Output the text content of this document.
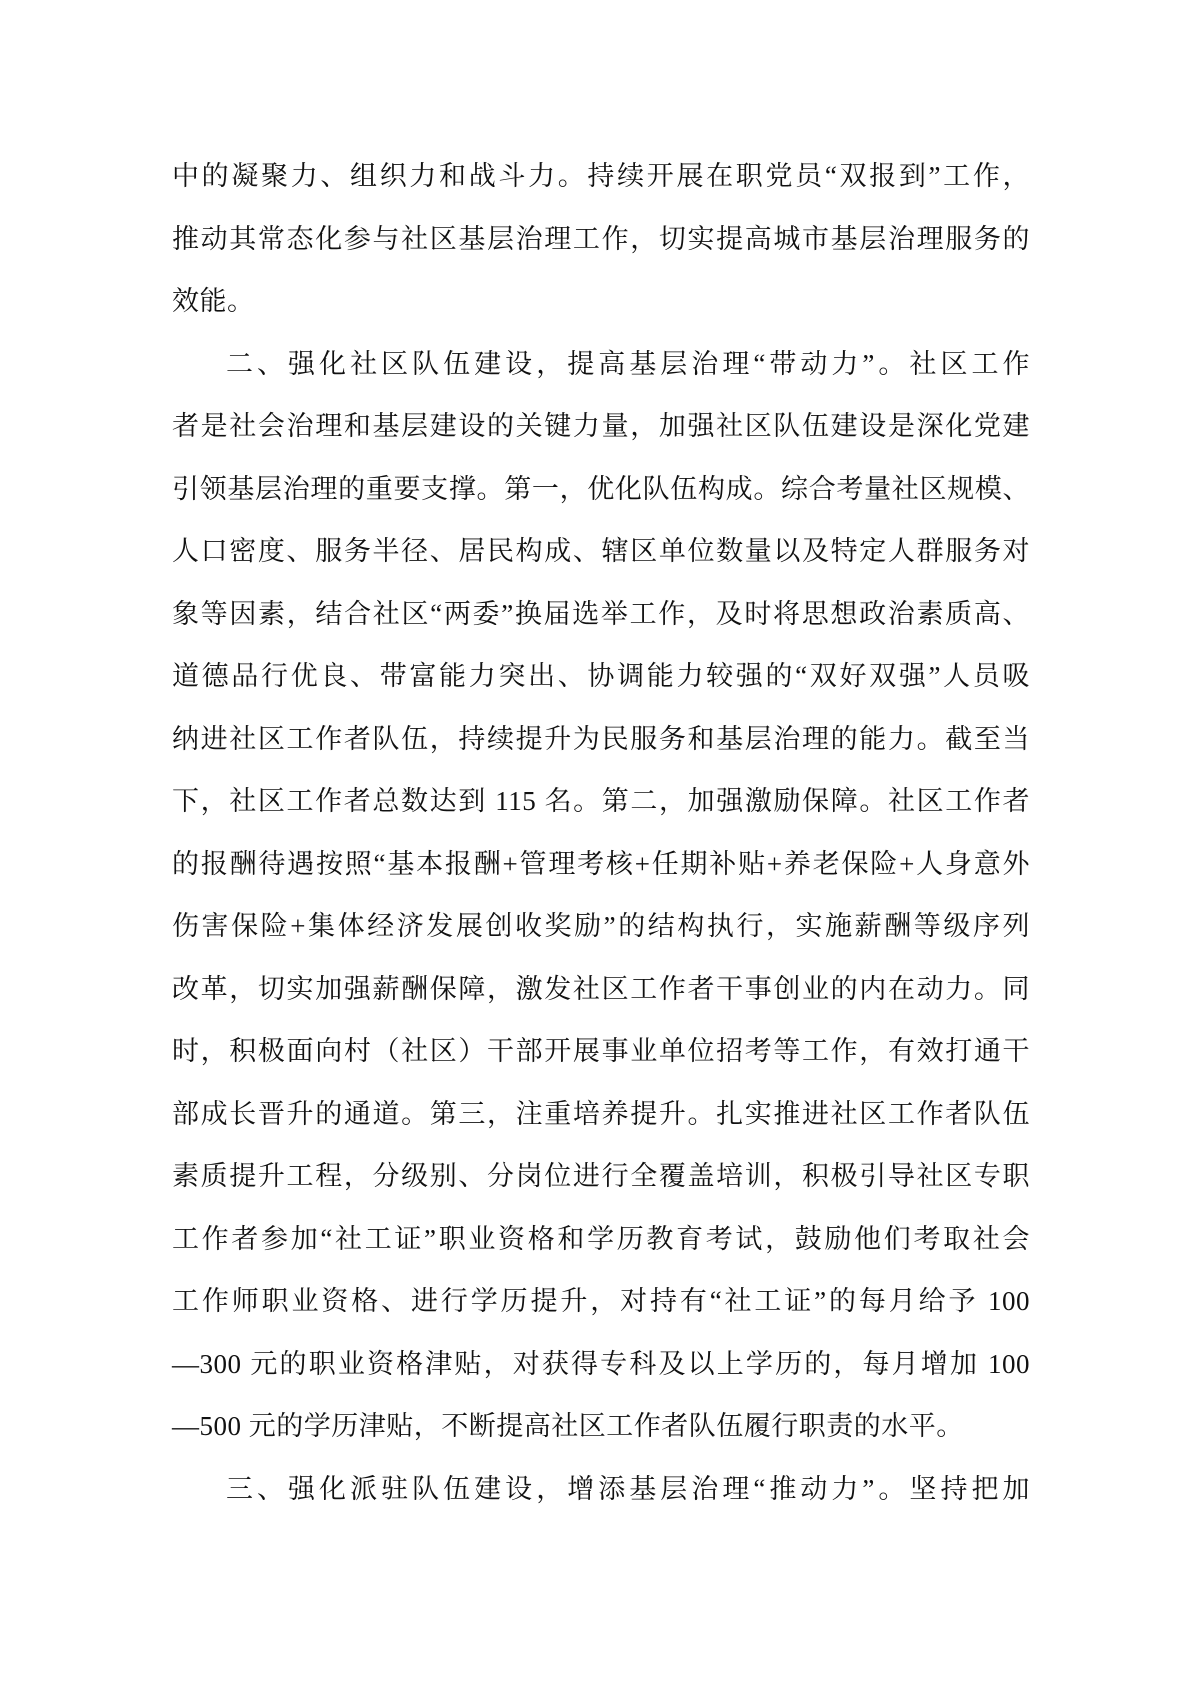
中的凝聚力、组织力和战斗力。持续开展在职党员“双报到”工作，
推动其常态化参与社区基层治理工作，切实提高城市基层治理服务的
效能。
二、强化社区队伍建设，提高基层治理“带动力”。社区工作
者是社会治理和基层建设的关键力量，加强社区队伍建设是深化党建
引领基层治理的重要支撑。第一，优化队伍构成。综合考量社区规模、
人口密度、服务半径、居民构成、辖区单位数量以及特定人群服务对
象等因素，结合社区“两委”换届选举工作，及时将思想政治素质高、
道德品行优良、带富能力突出、协调能力较强的“双好双强”人员吸
纳进社区工作者队伍，持续提升为民服务和基层治理的能力。截至当
下，社区工作者总数达到 115 名。第二，加强激励保障。社区工作者
的报酬待遇按照“基本报酬+管理考核+任期补贴+养老保险+人身意外
伤害保险+集体经济发展创收奖励”的结构执行，实施薪酬等级序列
改革，切实加强薪酬保障，激发社区工作者干事创业的内在动力。同
时，积极面向村（社区）干部开展事业单位招考等工作，有效打通干
部成长晋升的通道。第三，注重培养提升。扎实推进社区工作者队伍
素质提升工程，分级别、分岗位进行全覆盖培训，积极引导社区专职
工作者参加“社工证”职业资格和学历教育考试，鼓励他们考取社会
工作师职业资格、进行学历提升，对持有“社工证”的每月给予 100
—300 元的职业资格津贴，对获得专科及以上学历的，每月增加 100
—500 元的学历津贴，不断提高社区工作者队伍履行职责的水平。
三、强化派驻队伍建设，增添基层治理“推动力”。坚持把加
